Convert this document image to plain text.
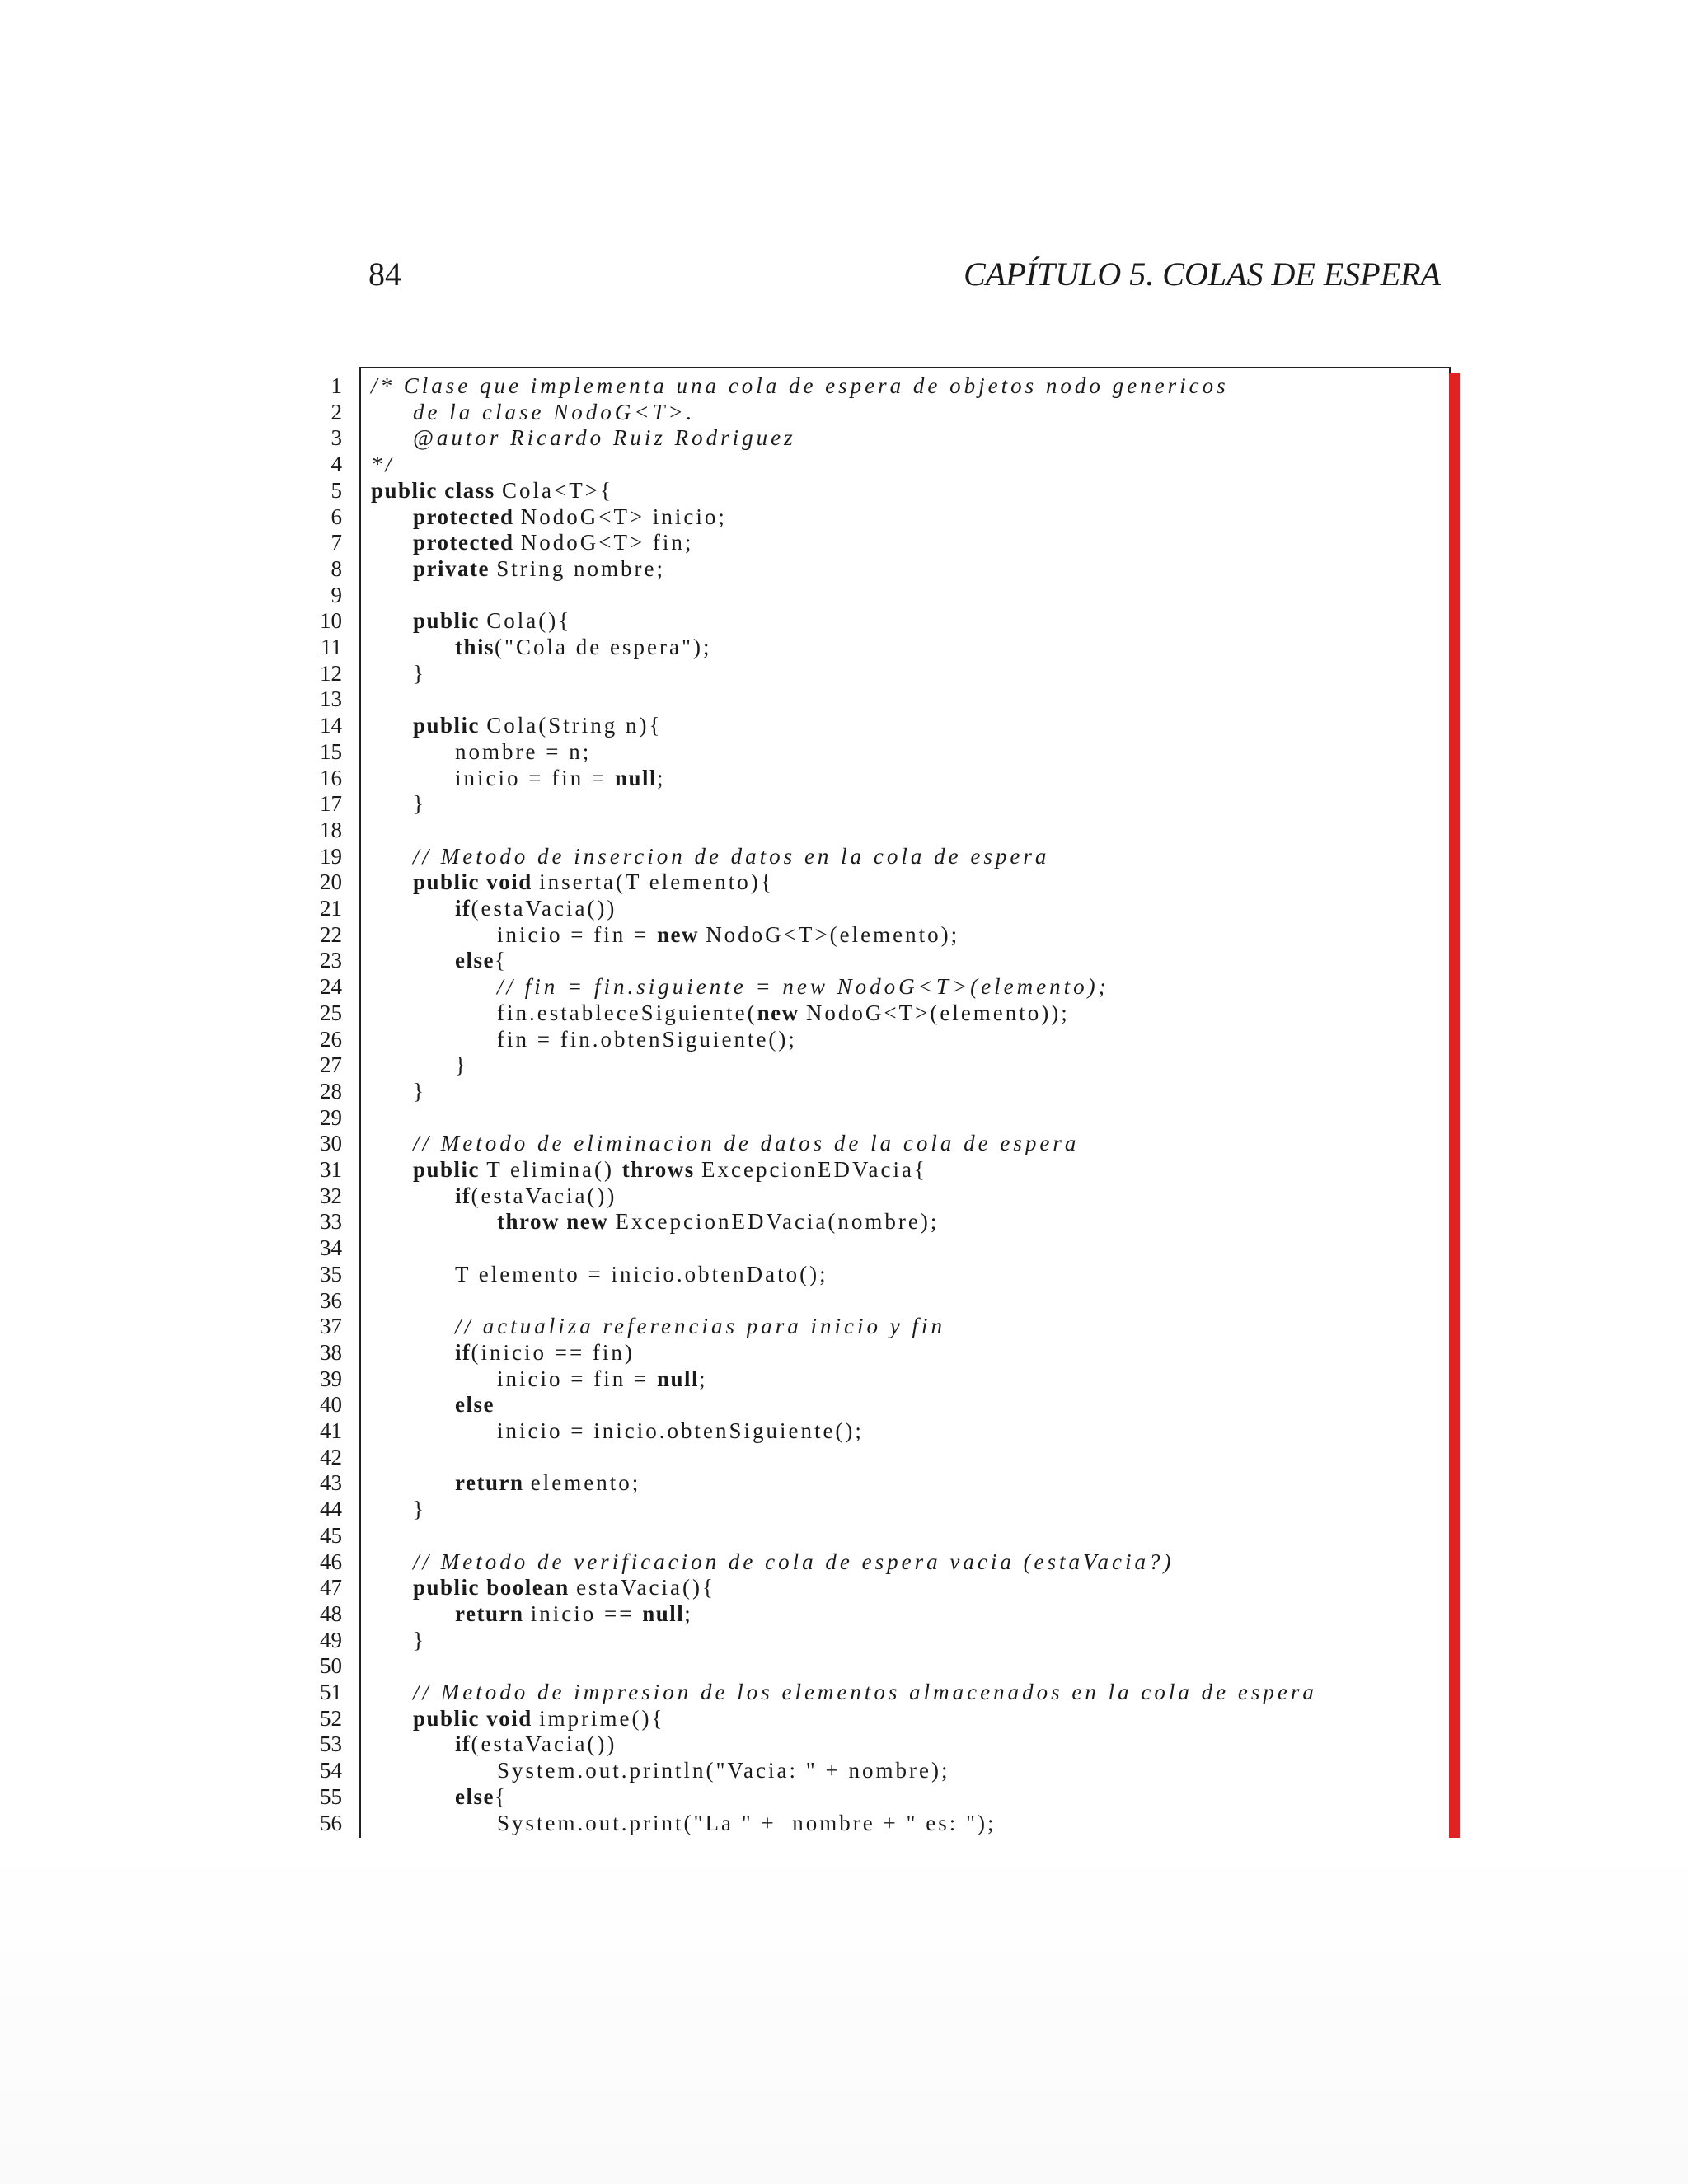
84	CAPÍTULO 5. COLAS DE ESPERA
1 /* Clase que implementa una cola de espera de objetos nodo genericos
2	de la clase NodoG<T>.
3	@autor Ricardo Ruiz Rodriguez
4 */
5 public class Cola<T>{
6	protected NodoG<T> inicio;
7	protected NodoG<T> fin;
8	private String nombre;
9
10	public Cola(){
11	this("Cola de espera");
12	}
13
14	public Cola(String n){
15	nombre = n;
16	inicio = fin = null;
17	}
18
19	// Metodo de insercion de datos en la cola de espera
20	public void inserta(T elemento){
21	if(estaVacia())
22	inicio = fin = new NodoG<T>(elemento);
23	else{
24	// fin = fin.siguiente = new NodoG<T>(elemento);
25	fin.estableceSiguiente(new NodoG<T>(elemento));
26	fin = fin.obtenSiguiente();
27	}
28	}
29
30	// Metodo de eliminacion de datos de la cola de espera
31	public T elimina() throws ExcepcionEDVacia{
32	if(estaVacia())
33	throw new ExcepcionEDVacia(nombre);
34
35	T elemento = inicio.obtenDato();
36
37	// actualiza referencias para inicio y fin
38	if(inicio == fin)
39	inicio = fin = null;
40	else
41	inicio = inicio.obtenSiguiente();
42
43	return elemento;
44	}
45
46	// Metodo de verificacion de cola de espera vacia (estaVacia?)
47	public boolean estaVacia(){
48	return inicio == null;
49	}
50
51	// Metodo de impresion de los elementos almacenados en la cola de espera
52	public void imprime(){
53	if(estaVacia())
54	System.out.println("Vacia: " + nombre);
55	else{
56	System.out.print("La " +  nombre + " es: ");
